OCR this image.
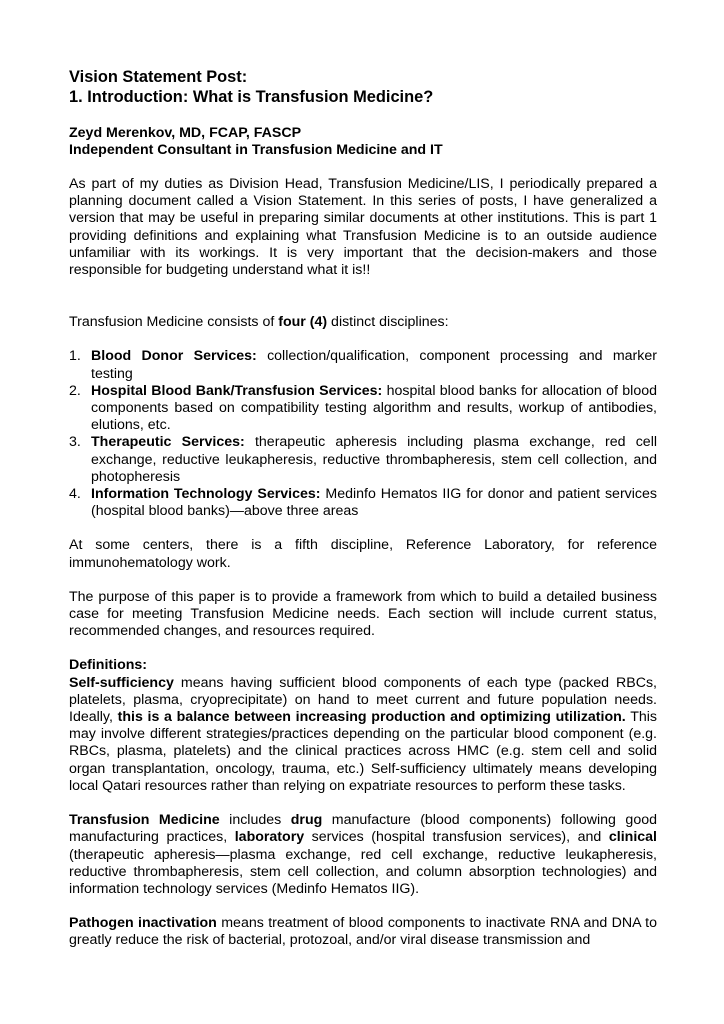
Vision Statement Post:
1. Introduction: What is Transfusion Medicine?
Zeyd Merenkov, MD, FCAP, FASCP
Independent Consultant in Transfusion Medicine and IT

As part of my duties as Division Head, Transfusion Medicine/LIS, I periodically prepared a planning document called a Vision Statement. In this series of posts, I have generalized a version that may be useful in preparing similar documents at other institutions. This is part 1 providing definitions and explaining what Transfusion Medicine is to an outside audience unfamiliar with its workings. It is very important that the decision-makers and those responsible for budgeting understand what it is!!

Transfusion Medicine consists of four (4) distinct disciplines:

1. Blood Donor Services: collection/qualification, component processing and marker testing
2. Hospital Blood Bank/Transfusion Services: hospital blood banks for allocation of blood components based on compatibility testing algorithm and results, workup of antibodies, elutions, etc.
3. Therapeutic Services: therapeutic apheresis including plasma exchange, red cell exchange, reductive leukapheresis, reductive thrombapheresis, stem cell collection, and photopheresis
4. Information Technology Services: Medinfo Hematos IIG for donor and patient services (hospital blood banks)—above three areas

At some centers, there is a fifth discipline, Reference Laboratory, for reference immunohematology work.

The purpose of this paper is to provide a framework from which to build a detailed business case for meeting Transfusion Medicine needs. Each section will include current status, recommended changes, and resources required.

Definitions:

Self-sufficiency means having sufficient blood components of each type (packed RBCs, platelets, plasma, cryoprecipitate) on hand to meet current and future population needs. Ideally, this is a balance between increasing production and optimizing utilization. This may involve different strategies/practices depending on the particular blood component (e.g. RBCs, plasma, platelets) and the clinical practices across HMC (e.g. stem cell and solid organ transplantation, oncology, trauma, etc.) Self-sufficiency ultimately means developing local Qatari resources rather than relying on expatriate resources to perform these tasks.

Transfusion Medicine includes drug manufacture (blood components) following good manufacturing practices, laboratory services (hospital transfusion services), and clinical (therapeutic apheresis—plasma exchange, red cell exchange, reductive leukapheresis, reductive thrombapheresis, stem cell collection, and column absorption technologies) and information technology services (Medinfo Hematos IIG).

Pathogen inactivation means treatment of blood components to inactivate RNA and DNA to greatly reduce the risk of bacterial, protozoal, and/or viral disease transmission and
